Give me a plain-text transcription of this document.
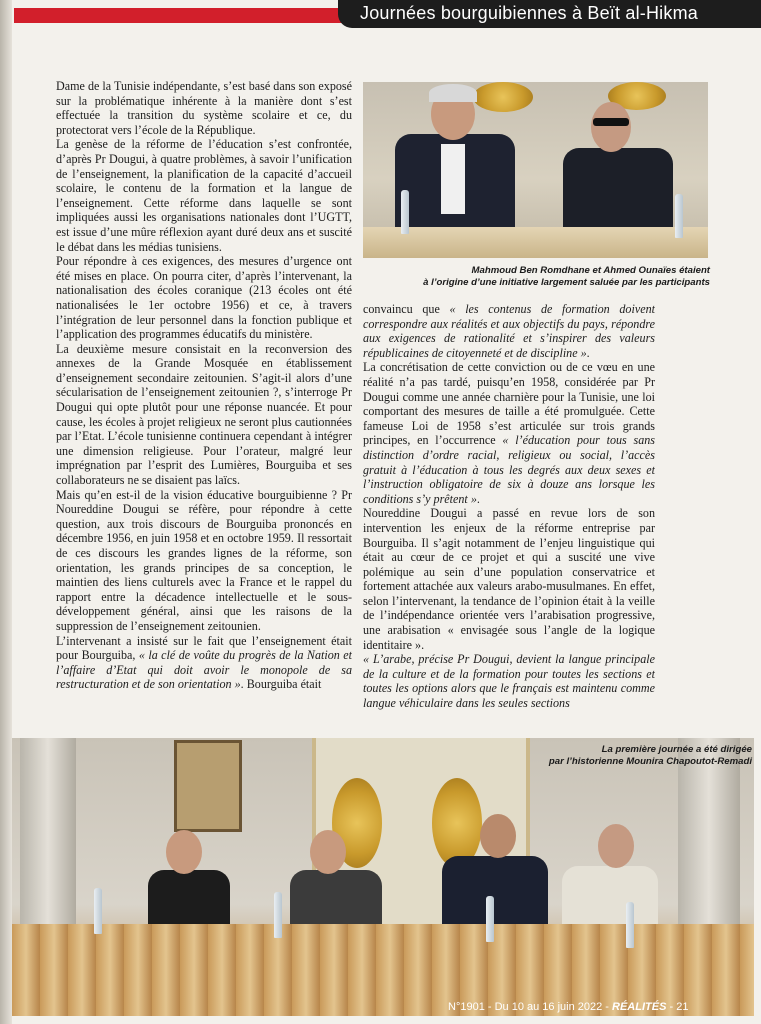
Journées bourguibiennes à Beït al-Hikma

Dame de la Tunisie indépendante, s’est basé dans son exposé sur la problématique inhérente à la manière dont s’est effectuée la transition du système scolaire et ce, du protectorat vers l’école de la République.

La genèse de la réforme de l’éducation s’est confrontée, d’après Pr Dougui, à quatre problèmes, à savoir l’unification de l’enseignement, la planification de la capacité d’accueil scolaire, le contenu de la formation et la langue de l’enseignement. Cette réforme dans laquelle se sont impliquées aussi les organisations nationales dont l’UGTT, est issue d’une mûre réflexion ayant duré deux ans et suscité le débat dans les médias tunisiens.

Pour répondre à ces exigences, des mesures d’urgence ont été mises en place. On pourra citer, d’après l’intervenant, la nationalisation des écoles coranique (213 écoles ont été nationalisées le 1er octobre 1956) et ce, à travers l’intégration de leur personnel dans la fonction publique et l’application des programmes éducatifs du ministère.

La deuxième mesure consistait en la reconversion des annexes de la Grande Mosquée en établissement d’enseignement secondaire zeitounien. S’agit-il alors d’une sécularisation de l’enseignement zeitounien ?, s’interroge Pr Dougui qui opte plutôt pour une réponse nuancée. Et pour cause, les écoles à projet religieux ne seront plus cautionnées par l’Etat. L’école tunisienne continuera cependant à intégrer une dimension religieuse. Pour l’orateur, malgré leur imprégnation par l’esprit des Lumières, Bourguiba et ses collaborateurs ne se disaient pas laïcs.

Mais qu’en est-il de la vision éducative bourguibienne ? Pr Noureddine Dougui se réfère, pour répondre à cette question, aux trois discours de Bourguiba prononcés en décembre 1956, en juin 1958 et en octobre 1959. Il ressortait de ces discours les grandes lignes de la réforme, son orientation, les grands principes de sa conception, le maintien des liens culturels avec la France et le rappel du rapport entre la décadence intellectuelle et le sous-développement général, ainsi que les raisons de la suppression de l’enseignement zeitounien.

L’intervenant a insisté sur le fait que l’enseignement était pour Bourguiba, « la clé de voûte du progrès de la Nation et l’affaire d’Etat qui doit avoir le monopole de sa restructuration et de son orientation ». Bourguiba était

Mahmoud Ben Romdhane et Ahmed Ounaïes étaient
à l’origine d’une initiative largement saluée par les participants

convaincu que « les contenus de formation doivent correspondre aux réalités et aux objectifs du pays, répondre aux exigences de rationalité et s’inspirer des valeurs républicaines de citoyenneté et de discipline ».

La concrétisation de cette conviction ou de ce vœu en une réalité n’a pas tardé, puisqu’en 1958, considérée par Pr Dougui comme une année charnière pour la Tunisie, une loi comportant des mesures de taille a été promulguée. Cette fameuse Loi de 1958 s’est articulée sur trois grands principes, en l’occurrence « l’éducation pour tous sans distinction d’ordre racial, religieux ou social, l’accès gratuit à l’éducation à tous les degrés aux deux sexes et l’instruction obligatoire de six à douze ans lorsque les conditions s’y prêtent ».

Noureddine Dougui a passé en revue lors de son intervention les enjeux de la réforme entreprise par Bourguiba. Il s’agit notamment de l’enjeu linguistique qui était au cœur de ce projet et qui a suscité une vive polémique au sein d’une population conservatrice et fortement attachée aux valeurs arabo-musulmanes. En effet, selon l’intervenant, la tendance de l’opinion était à la veille de l’indépendance orientée vers l’arabisation progressive, une arabisation « envisagée sous l’angle de la logique identitaire ».

« L’arabe, précise Pr Dougui, devient la langue principale de la culture et de la formation pour toutes les sections et toutes les options alors que le français est maintenu comme langue véhiculaire dans les seules sections

La première journée a été dirigée
par l’historienne Mounira Chapoutot-Remadi
N°1901 - Du 10 au 16 juin 2022 - RÉALITÉS - 21
